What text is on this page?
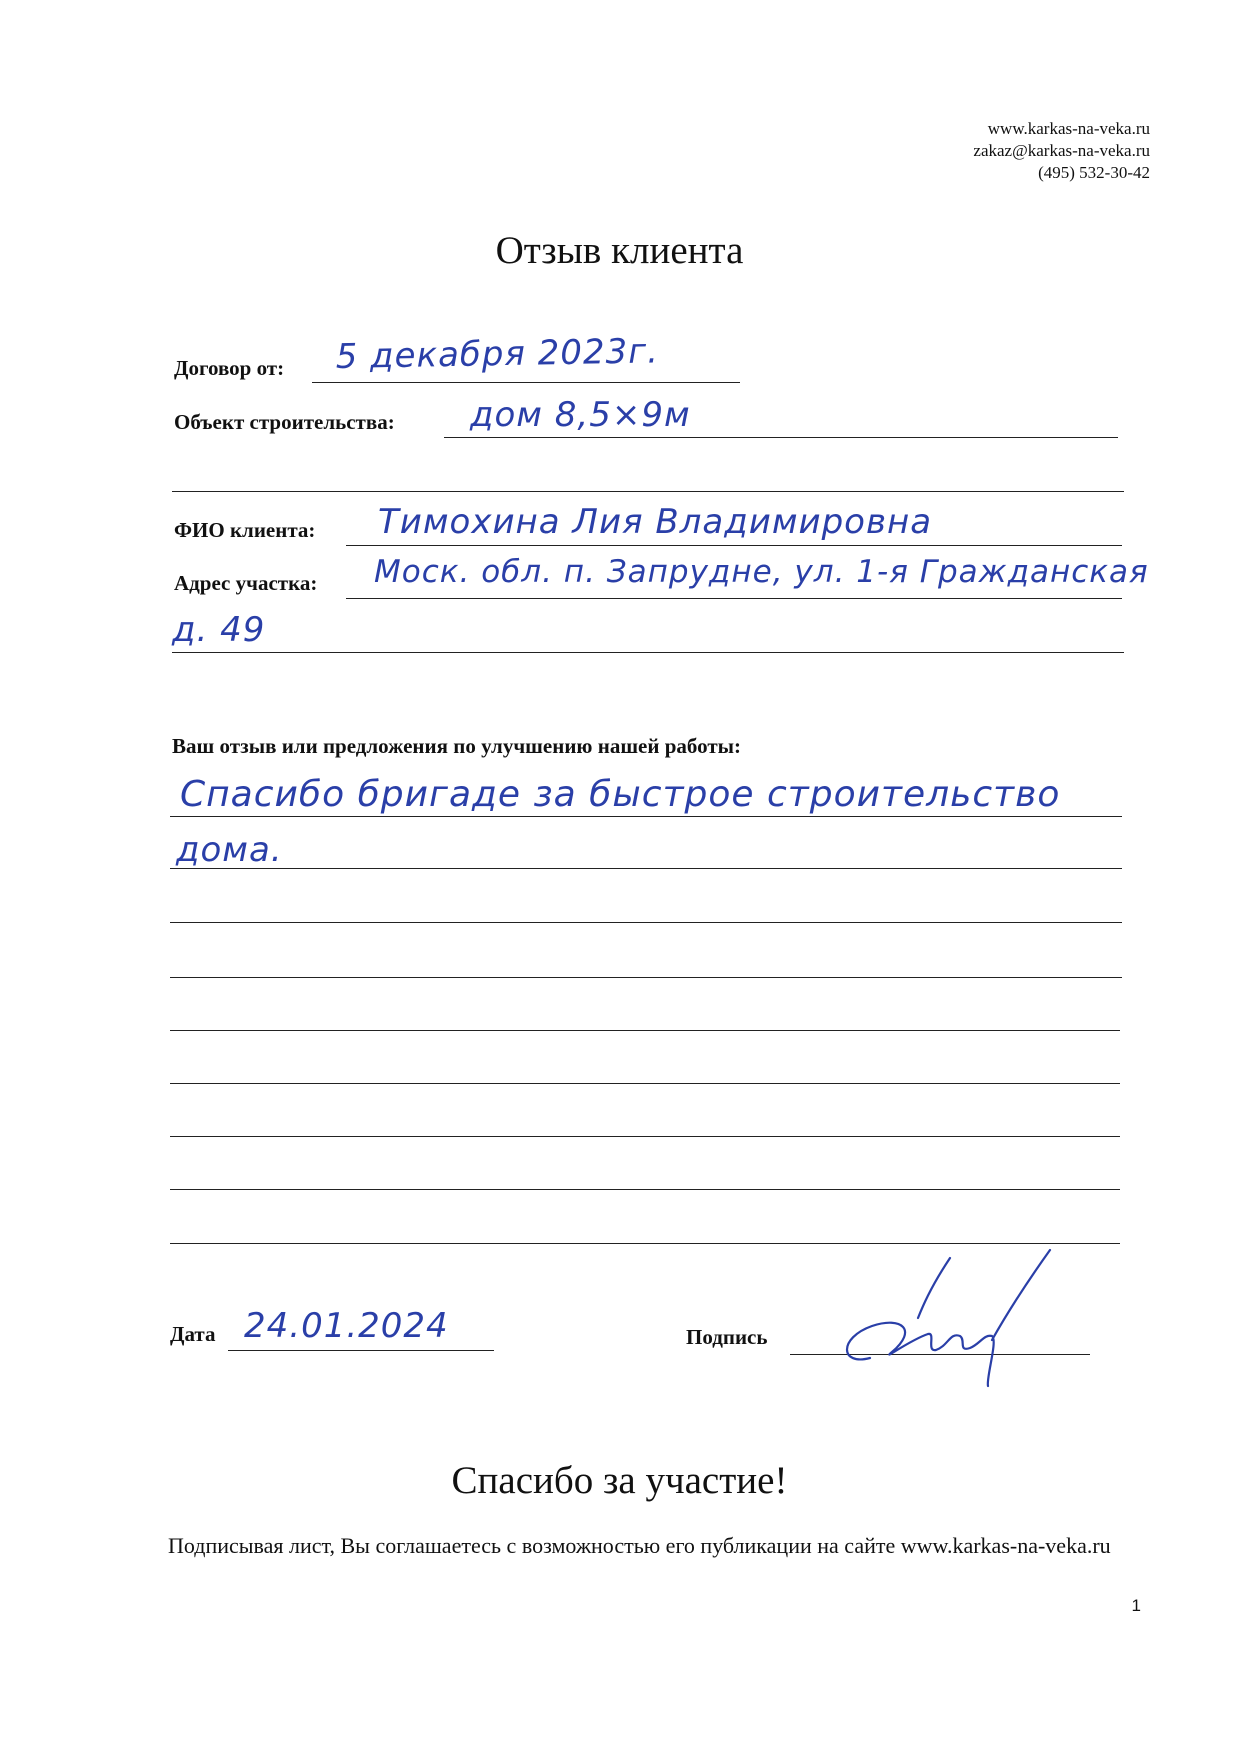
www.karkas-na-veka.ru
zakaz@karkas-na-veka.ru
(495) 532-30-42
Отзыв клиента
Договор от: 5 декабря 2023г.
Объект строительства: дом 8,5×9м
ФИО клиента: Тимохина Лия Владимировна
Адрес участка: Моск. обл. п. Запрудне, ул. 1-я Гражданская
д. 49
Ваш отзыв или предложения по улучшению нашей работы:
Спасибо бригаде за быстрое строительство
дома.
Дата 24.01.2024	Подпись
Спасибо за участие!
Подписывая лист, Вы соглашаетесь с возможностью его публикации на сайте www.karkas-na-veka.ru
1
